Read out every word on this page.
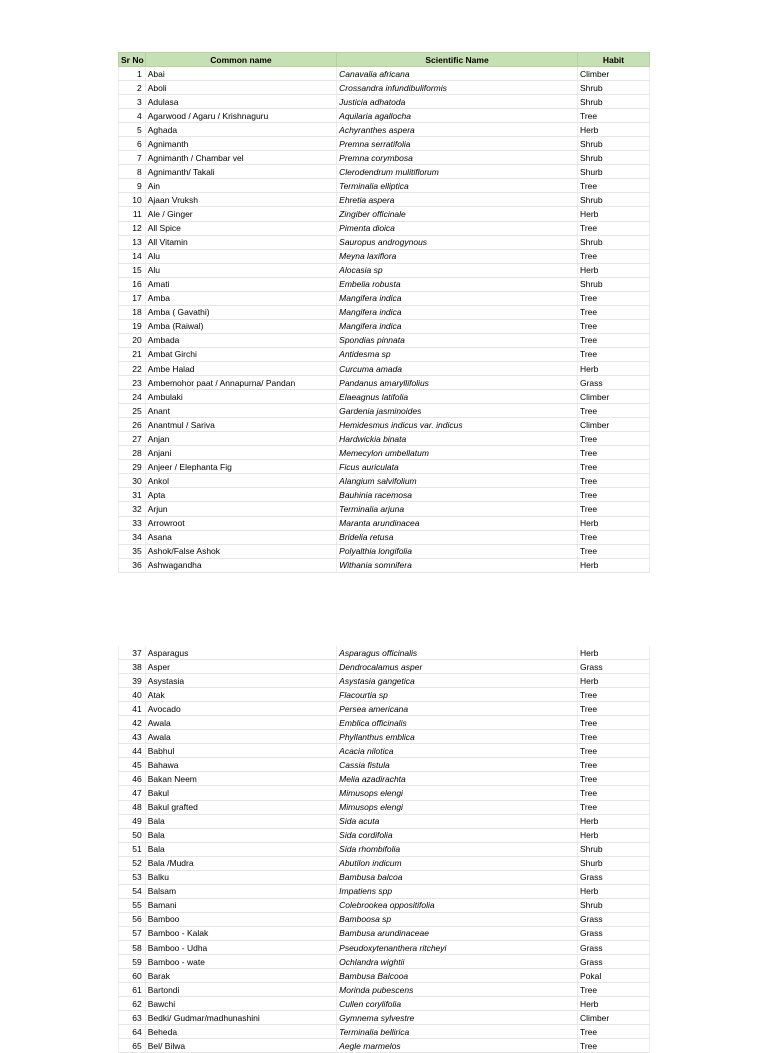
Sr No	Common name	Scientific Name	Habit
1	Abai	Canavalia africana	Climber
2	Aboli	Crossandra infundibuliformis	Shrub
3	Adulasa	Justicia adhatoda	Shrub
4	Agarwood / Agaru / Krishnaguru	Aquilaria agallocha	Tree
5	Aghada	Achyranthes aspera	Herb
6	Agnimanth	Premna serratifolia	Shrub
7	Agnimanth / Chambar vel	Premna corymbosa	Shrub
8	Agnimanth/ Takali	Clerodendrum mulitiflorum	Shurb
9	Ain	Terminalia elliptica	Tree
10	Ajaan Vruksh	Ehretia aspera	Shrub
11	Ale / Ginger	Zingiber officinale	Herb
12	All Spice	Pimenta dioica	Tree
13	All Vitamin	Sauropus androgynous	Shrub
14	Alu	Meyna laxiflora	Tree
15	Alu	Alocasia sp	Herb
16	Amati	Embelia robusta	Shrub
17	Amba	Mangifera indica	Tree
18	Amba ( Gavathi)	Mangifera indica	Tree
19	Amba (Raiwal)	Mangifera indica	Tree
20	Ambada	Spondias pinnata	Tree
21	Ambat Girchi	Antidesma sp	Tree
22	Ambe Halad	Curcuma amada	Herb
23	Ambemohor paat / Annapurna/ Pandan	Pandanus amaryllifolius	Grass
24	Ambulaki	Elaeagnus latifolia	Climber
25	Anant	Gardenia jasminoides	Tree
26	Anantmul / Sariva	Hemidesmus indicus var. indicus	Climber
27	Anjan	Hardwickia binata	Tree
28	Anjani	Memecylon umbellatum	Tree
29	Anjeer / Elephanta Fig	Ficus auriculata	Tree
30	Ankol	Alangium salvifolium	Tree
31	Apta	Bauhinia racemosa	Tree
32	Arjun	Terminalia arjuna	Tree
33	Arrowroot	Maranta arundinacea	Herb
34	Asana	Bridelia retusa	Tree
35	Ashok/False Ashok	Polyalthia longifolia	Tree
36	Ashwagandha	Withania somnifera	Herb
37	Asparagus	Asparagus officinalis	Herb
38	Asper	Dendrocalamus asper	Grass
39	Asystasia	Asystasia gangetica	Herb
40	Atak	Flacourtia sp	Tree
41	Avocado	Persea americana	Tree
42	Awala	Emblica officinalis	Tree
43	Awala	Phyllanthus emblica	Tree
44	Babhul	Acacia nilotica	Tree
45	Bahawa	Cassia fistula	Tree
46	Bakan Neem	Melia azadirachta	Tree
47	Bakul	Mimusops elengi	Tree
48	Bakul grafted	Mimusops elengi	Tree
49	Bala	Sida acuta	Herb
50	Bala	Sida cordifolia	Herb
51	Bala	Sida rhombifolia	Shrub
52	Bala /Mudra	Abutilon indicum	Shurb
53	Balku	Bambusa balcoa	Grass
54	Balsam	Impatiens spp	Herb
55	Bamani	Colebrookea oppositifolia	Shrub
56	Bamboo	Bamboosa sp	Grass
57	Bamboo - Kalak	Bambusa arundinaceae	Grass
58	Bamboo - Udha	Pseudoxytenanthera ritcheyi	Grass
59	Bamboo - wate	Ochlandra wightii	Grass
60	Barak	Bambusa Balcooa	Pokal
61	Bartondi	Morinda pubescens	Tree
62	Bawchi	Cullen corylifolia	Herb
63	Bedki/ Gudmar/madhunashini	Gymnema sylvestre	Climber
64	Beheda	Terminalia bellirica	Tree
65	Bel/ Bilwa	Aegle marmelos	Tree
